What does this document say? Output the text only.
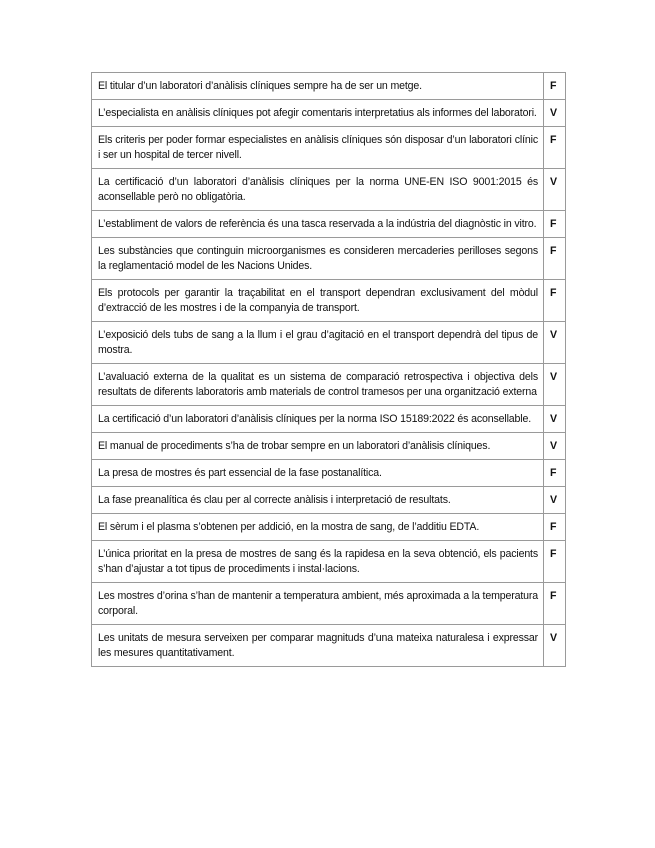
El titular d’un laboratori d’anàlisis clíniques sempre ha de ser un metge.	F
L’especialista en anàlisis clíniques pot afegir comentaris interpretatius als informes del laboratori.	V
Els criteris per poder formar especialistes en anàlisis clíniques són disposar d’un laboratori clínic i ser un hospital de tercer nivell.	F
La certificació d’un laboratori d’anàlisis clíniques per la norma UNE-EN ISO 9001:2015 és aconsellable però no obligatòria.	V
L’establiment de valors de referència és una tasca reservada a la indústria del diagnòstic in vitro.	F
Les substàncies que continguin microorganismes es consideren mercaderies perilloses segons la reglamentació model de les Nacions Unides.	F
Els protocols per garantir la traçabilitat en el transport dependran exclusivament del mòdul d’extracció de les mostres i de la companyia de transport.	F
L’exposició dels tubs de sang a la llum i el grau d’agitació en el transport dependrà del tipus de mostra.	V
L’avaluació externa de la qualitat es un sistema de comparació retrospectiva i objectiva dels resultats de diferents laboratoris amb materials de control tramesos per una organització externa	V
La certificació d’un laboratori d’anàlisis clíniques per la norma ISO 15189:2022 és aconsellable.	V
El manual de procediments s’ha de trobar sempre en un laboratori d’anàlisis clíniques.	V
La presa de mostres és part essencial de la fase postanalítica.	F
La fase preanalítica és clau per al correcte anàlisis i interpretació de resultats.	V
El sèrum i el plasma s’obtenen per addició, en la mostra de sang, de l’additiu EDTA.	F
L’única prioritat en la presa de mostres de sang és la rapidesa en la seva obtenció, els pacients s’han d’ajustar a tot tipus de procediments i instal·lacions.	F
Les mostres d’orina s’han de mantenir a temperatura ambient, més aproximada a la temperatura corporal.	F
Les unitats de mesura serveixen per comparar magnituds d’una mateixa naturalesa i expressar les mesures quantitativament.	V
